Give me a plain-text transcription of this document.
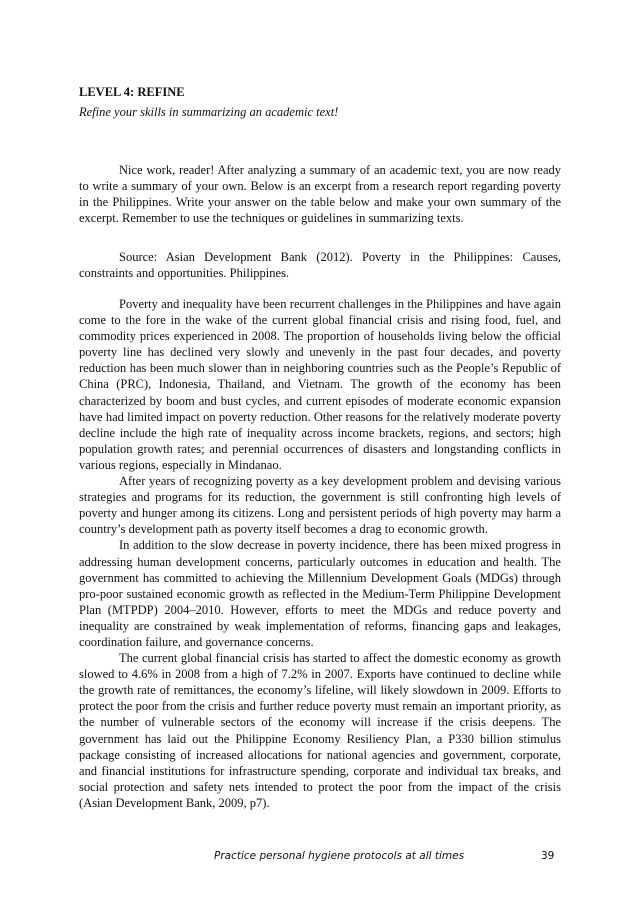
LEVEL 4: REFINE

Refine your skills in summarizing an academic text!

Nice work, reader! After analyzing a summary of an academic text, you are now ready to write a summary of your own. Below is an excerpt from a research report regarding poverty in the Philippines. Write your answer on the table below and make your own summary of the excerpt. Remember to use the techniques or guidelines in summarizing texts.

Source: Asian Development Bank (2012). Poverty in the Philippines: Causes, constraints and opportunities. Philippines.

Poverty and inequality have been recurrent challenges in the Philippines and have again come to the fore in the wake of the current global financial crisis and rising food, fuel, and commodity prices experienced in 2008. The proportion of households living below the official poverty line has declined very slowly and unevenly in the past four decades, and poverty reduction has been much slower than in neighboring countries such as the People’s Republic of China (PRC), Indonesia, Thailand, and Vietnam. The growth of the economy has been characterized by boom and bust cycles, and current episodes of moderate economic expansion have had limited impact on poverty reduction. Other reasons for the relatively moderate poverty decline include the high rate of inequality across income brackets, regions, and sectors; high population growth rates; and perennial occurrences of disasters and longstanding conflicts in various regions, especially in Mindanao.

After years of recognizing poverty as a key development problem and devising various strategies and programs for its reduction, the government is still confronting high levels of poverty and hunger among its citizens. Long and persistent periods of high poverty may harm a country’s development path as poverty itself becomes a drag to economic growth.

In addition to the slow decrease in poverty incidence, there has been mixed progress in addressing human development concerns, particularly outcomes in education and health. The government has committed to achieving the Millennium Development Goals (MDGs) through pro-poor sustained economic growth as reflected in the Medium-Term Philippine Development Plan (MTPDP) 2004–2010. However, efforts to meet the MDGs and reduce poverty and inequality are constrained by weak implementation of reforms, financing gaps and leakages, coordination failure, and governance concerns.

The current global financial crisis has started to affect the domestic economy as growth slowed to 4.6% in 2008 from a high of 7.2% in 2007. Exports have continued to decline while the growth rate of remittances, the economy’s lifeline, will likely slowdown in 2009. Efforts to protect the poor from the crisis and further reduce poverty must remain an important priority, as the number of vulnerable sectors of the economy will increase if the crisis deepens. The government has laid out the Philippine Economy Resiliency Plan, a P330 billion stimulus package consisting of increased allocations for national agencies and government, corporate, and financial institutions for infrastructure spending, corporate and individual tax breaks, and social protection and safety nets intended to protect the poor from the impact of the crisis (Asian Development Bank, 2009, p7).

Practice personal hygiene protocols at all times	39
